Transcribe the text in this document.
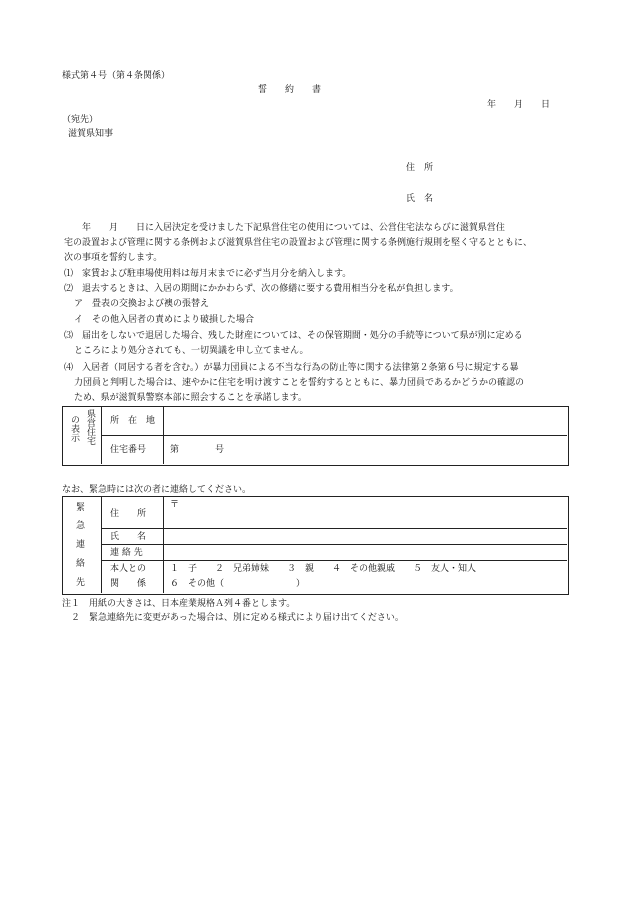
様式第４号（第４条関係）
誓　　約　　書
年　　月　　日
（宛先）
滋賀県知事
住　所
氏　名
　　年　　月　　日に入居決定を受けました下記県営住宅の使用については、公営住宅法ならびに滋賀県営住
宅の設置および管理に関する条例および滋賀県営住宅の設置および管理に関する条例施行規則を堅く守るとともに、
次の事項を誓約します。
⑴　家賃および駐車場使用料は毎月末までに必ず当月分を納入します。
⑵　退去するときは、入居の期間にかかわらず、次の修繕に要する費用相当分を私が負担します。
ア　畳表の交換および襖の張替え
イ　その他入居者の責めにより破損した場合
⑶　届出をしないで退居した場合、残した財産については、その保管期間・処分の手続等について県が別に定める
ところにより処分されても、一切異議を申し立てません。
⑷　入居者（同居する者を含む。）が暴力団員による不当な行為の防止等に関する法律第２条第６号に規定する暴
力団員と判明した場合は、速やかに住宅を明け渡すことを誓約するとともに、暴力団員であるかどうかの確認の
ため、県が滋賀県警察本部に照会することを承諾します。
県営住宅
の表示	所　在　地
住宅番号	第　　　　号
なお、緊急時には次の者に連絡してください。
緊
急
連
絡
先
住　　所
〒
氏　　名
連 絡 先
本人との
関　　係
１　子　　２　兄弟姉妹　　３　親　　４　その他親戚　　５　友人・知人
６　その他（　　　　　　　　）
注１　用紙の大きさは、日本産業規格Ａ列４番とします。
　２　緊急連絡先に変更があった場合は、別に定める様式により届け出てください。
